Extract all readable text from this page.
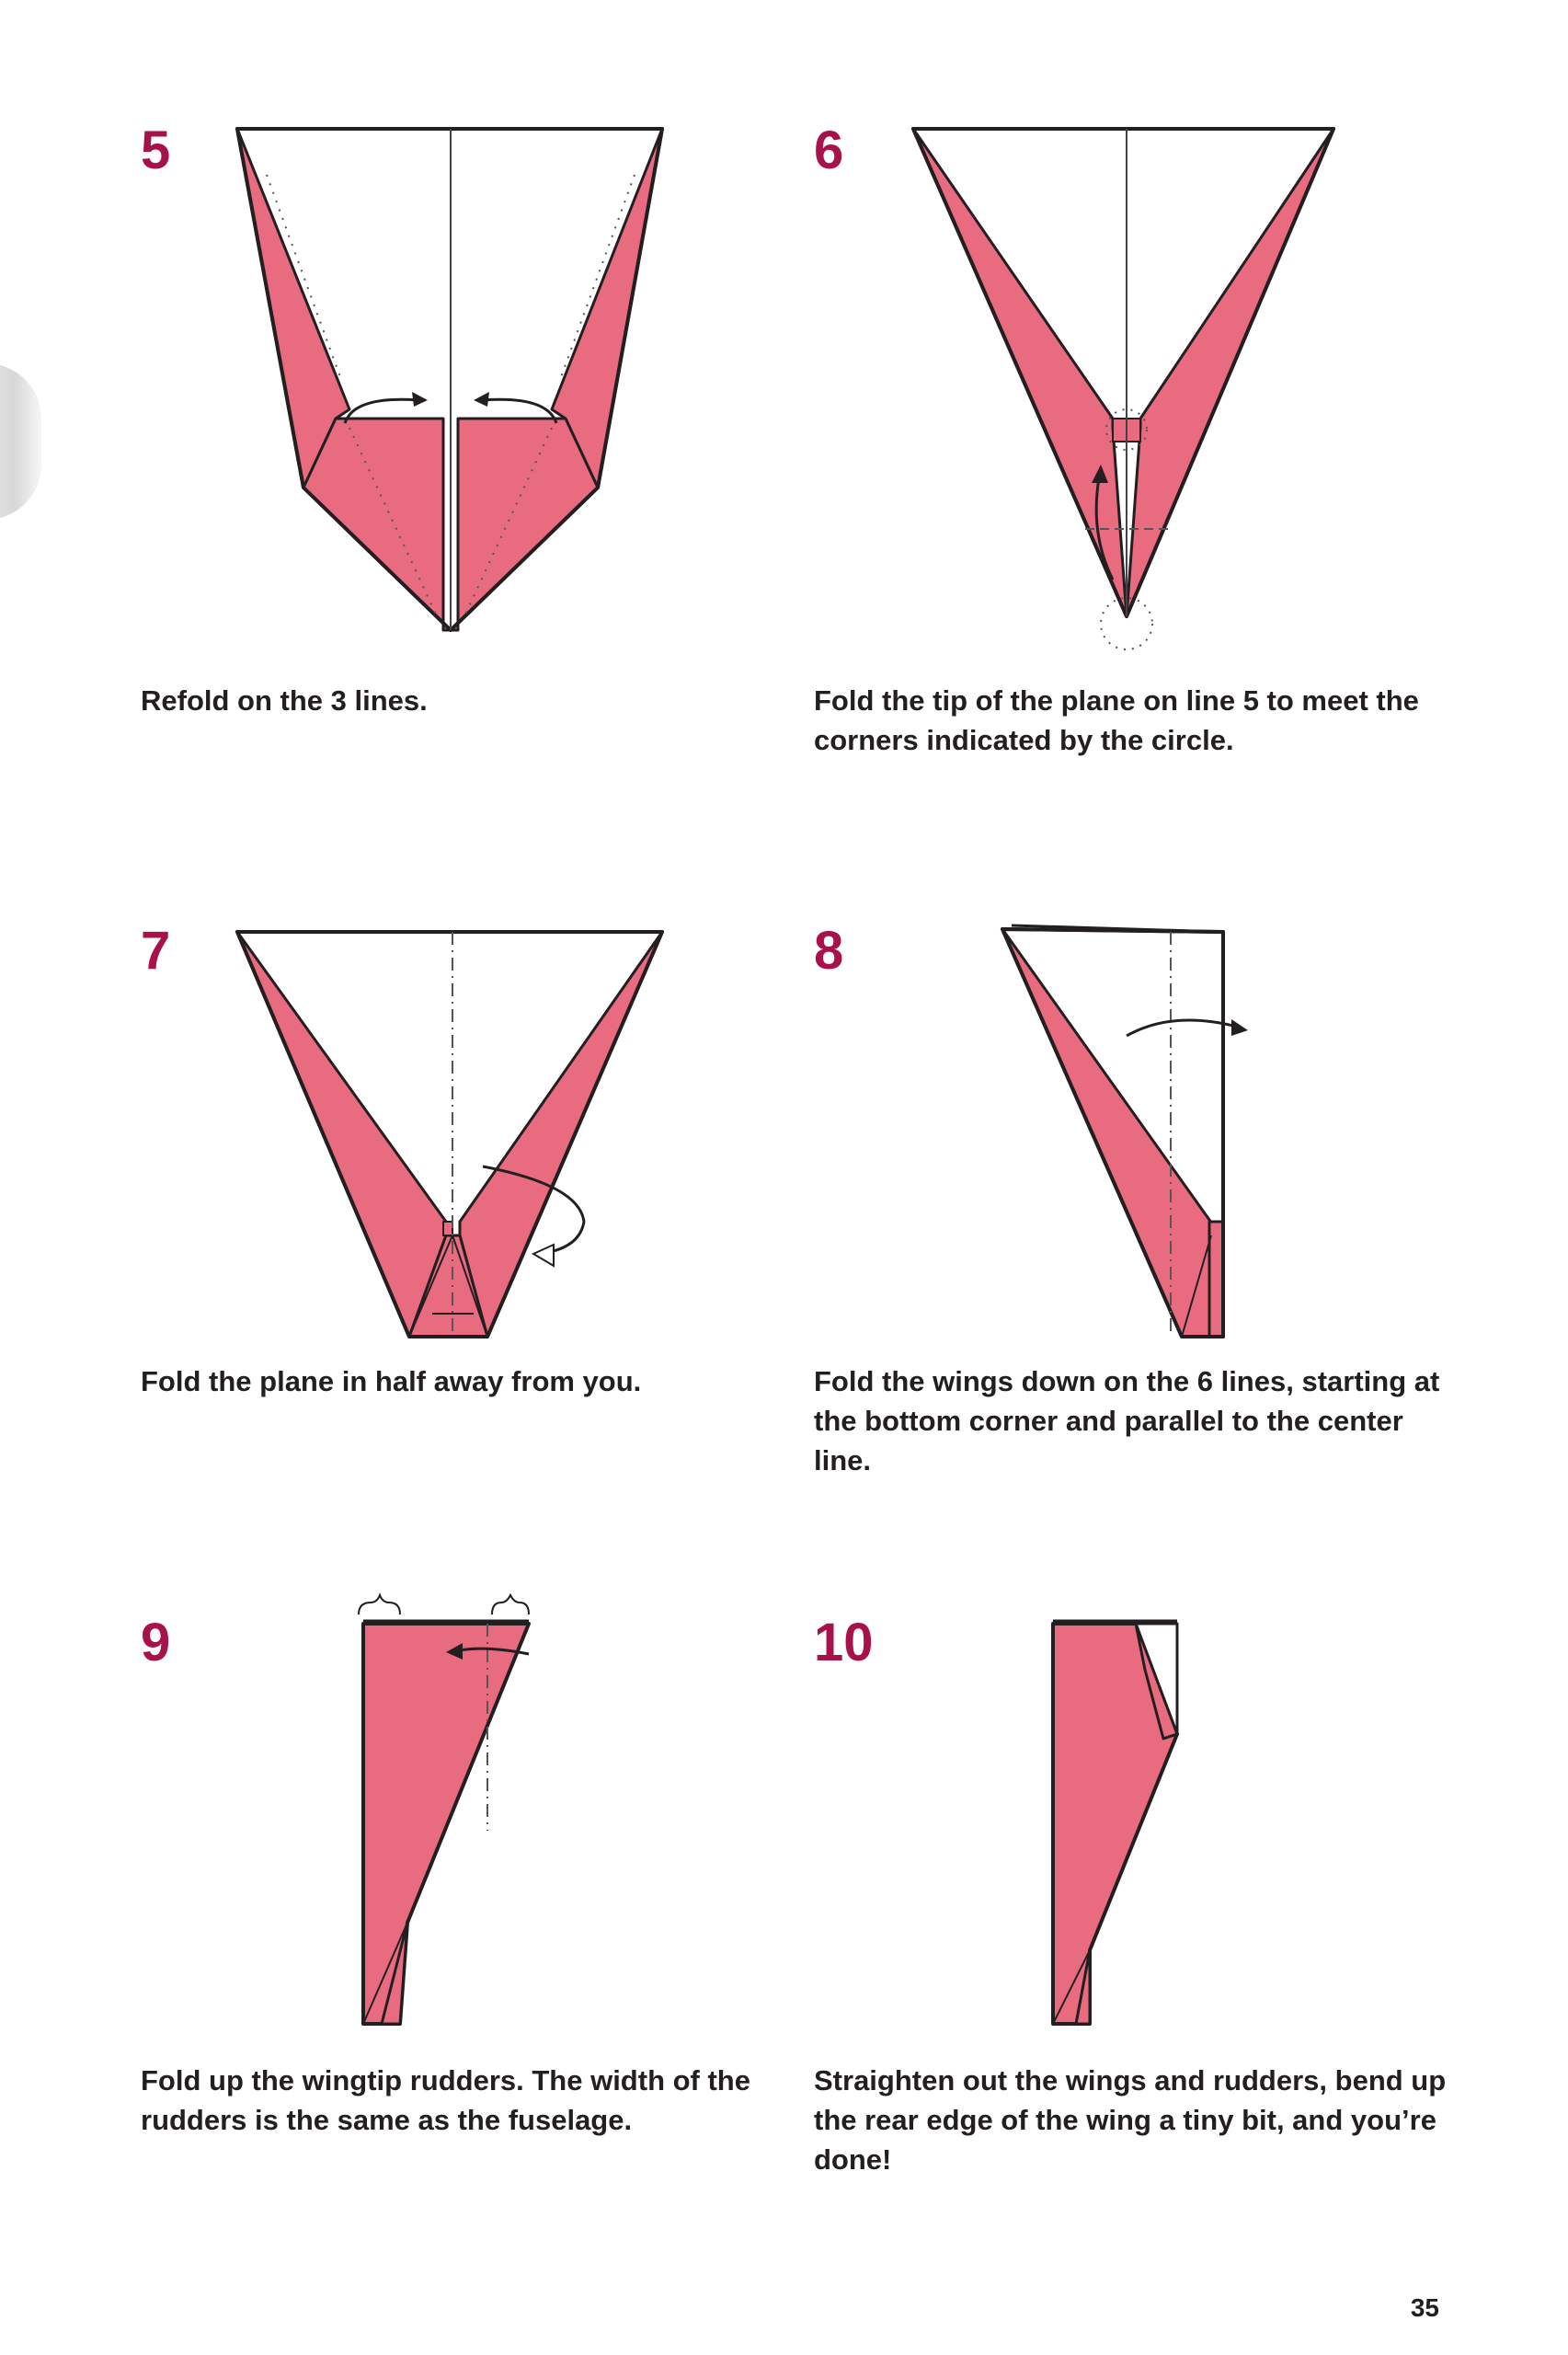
5

Refold on the 3 lines.

6

Fold the tip of the plane on line 5 to meet the corners indicated by the circle.

7

Fold the plane in half away from you.

8

Fold the wings down on the 6 lines, starting at the bottom corner and parallel to the center line.

9

Fold up the wingtip rudders. The width of the rudders is the same as the fuselage.

10

Straighten out the wings and rudders, bend up the rear edge of the wing a tiny bit, and you’re done!

35
